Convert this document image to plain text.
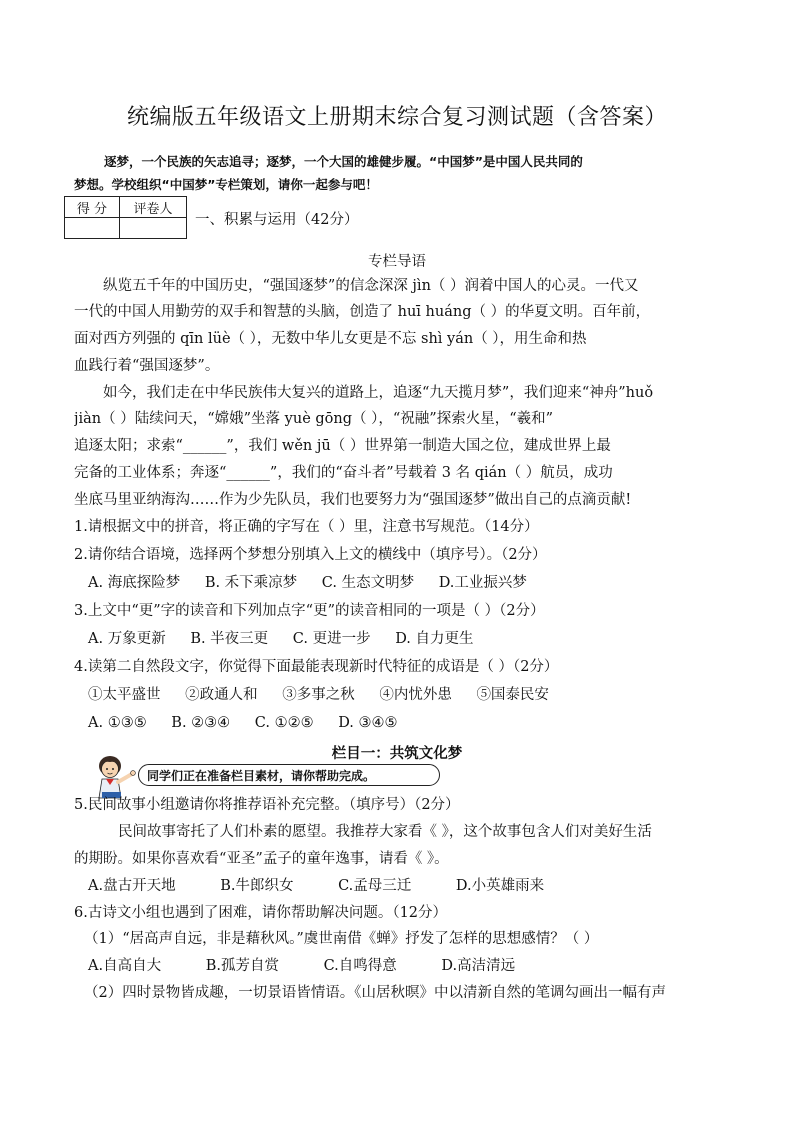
统编版五年级语文上册期末综合复习测试题（含答案）
逐梦，一个民族的矢志追寻；逐梦，一个大国的雄健步履。“中国梦”是中国人民共同的
梦想。学校组织“中国梦”专栏策划，请你一起参与吧！
得 分	评卷人

一、积累与运用（42分）
专栏导语
纵览五千年的中国历史，“强国逐梦”的信念深深 jìn（ ）润着中国人的心灵。一代又
一代的中国人用勤劳的双手和智慧的头脑，创造了 huī huáng（ ）的华夏文明。百年前，
面对西方列强的 qīn lüè（ ），无数中华儿女更是不忘 shì yán（ ），用生命和热
血践行着“强国逐梦”。
如今，我们走在中华民族伟大复兴的道路上，追逐“九天揽月梦”，我们迎来“神舟”huǒ
jiàn（ ）陆续问天，“嫦娥”坐落 yuè gōng（ ），“祝融”探索火星，“羲和”
追逐太阳；求索“______”，我们 wěn jū（ ）世界第一制造大国之位，建成世界上最
完备的工业体系；奔逐“______”，我们的“奋斗者”号载着 3 名 qián（ ）航员，成功
坐底马里亚纳海沟……作为少先队员，我们也要努力为“强国逐梦”做出自己的点滴贡献!
1.请根据文中的拼音，将正确的字写在（ ）里，注意书写规范。（14分）
2.请你结合语境，选择两个梦想分别填入上文的横线中（填序号）。（2分）
A. 海底探险梦 B. 禾下乘凉梦 C. 生态文明梦 D.工业振兴梦
3.上文中“更”字的读音和下列加点字“更”的读音相同的一项是（ ）（2分）
A. 万象更新 B. 半夜三更 C. 更进一步 D. 自力更生
4.读第二自然段文字，你觉得下面最能表现新时代特征的成语是（ ）（2分）
①太平盛世 ②政通人和 ③多事之秋 ④内忧外患 ⑤国泰民安
A. ①③⑤ B. ②③④ C. ①②⑤ D. ③④⑤
栏目一：共筑文化梦
同学们正在准备栏目素材，请你帮助完成。
5.民间故事小组邀请你将推荐语补充完整。（填序号）（2分）
民间故事寄托了人们朴素的愿望。我推荐大家看《 》，这个故事包含人们对美好生活
的期盼。如果你喜欢看“亚圣”孟子的童年逸事，请看《 》。
A.盘古开天地	B.牛郎织女	C.孟母三迁	D.小英雄雨来
6.古诗文小组也遇到了困难，请你帮助解决问题。（12分）
（1）“居高声自远，非是藉秋风。”虞世南借《蝉》抒发了怎样的思想感情？（ ）
A.自高自大	B.孤芳自赏	C.自鸣得意	D.高洁清远
（2）四时景物皆成趣，一切景语皆情语。《山居秋暝》中以清新自然的笔调勾画出一幅有声
